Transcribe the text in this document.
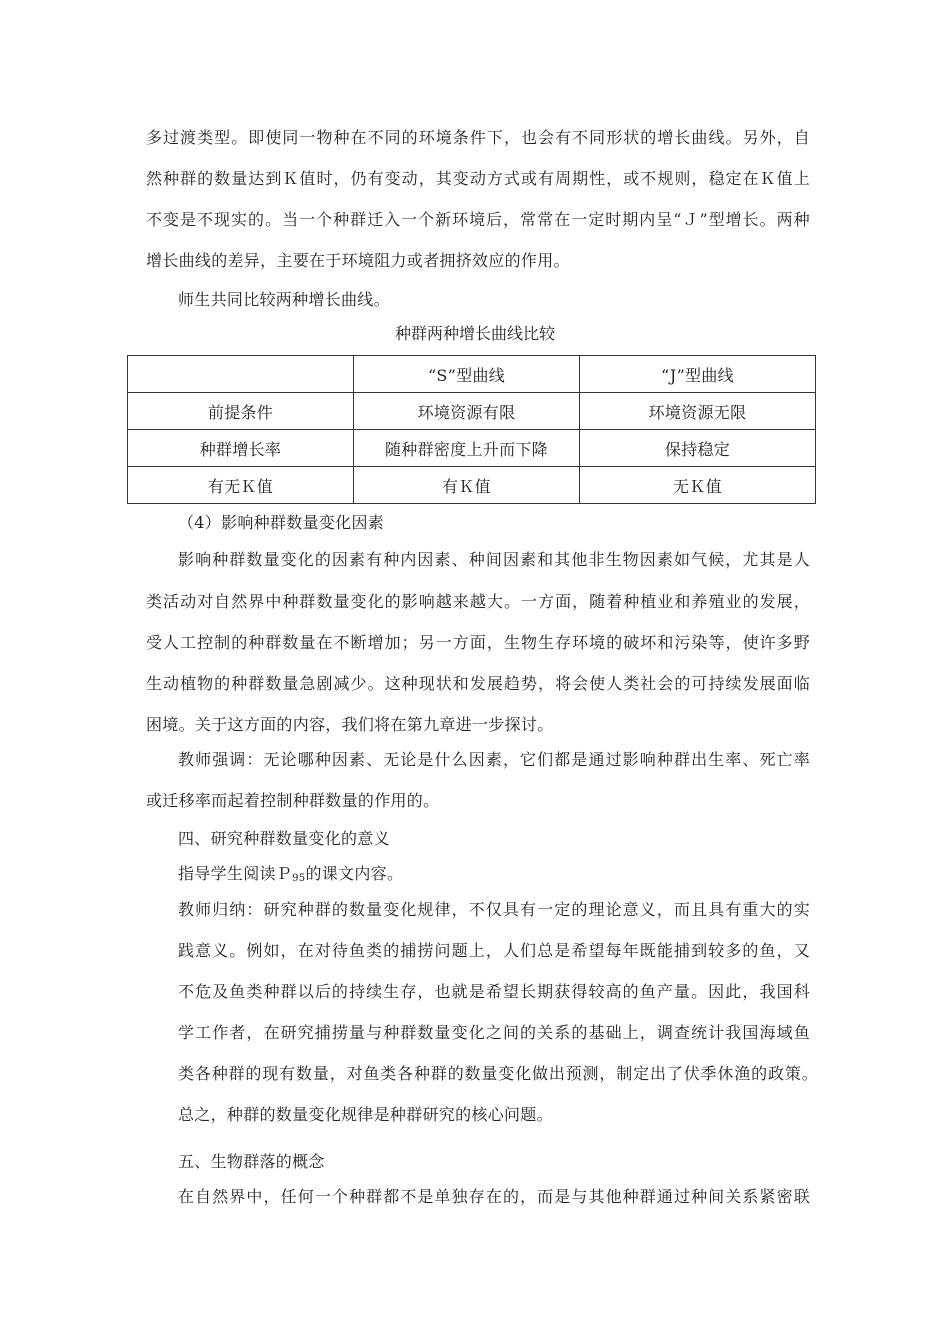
多过渡类型。即使同一物种在不同的环境条件下，也会有不同形状的增长曲线。另外，自
然种群的数量达到Ｋ值时，仍有变动，其变动方式或有周期性，或不规则，稳定在Ｋ值上
不变是不现实的。当一个种群迁入一个新环境后，常常在一定时期内呈“Ｊ”型增长。两种
增长曲线的差异，主要在于环境阻力或者拥挤效应的作用。
师生共同比较两种增长曲线。
种群两种增长曲线比较
	“S”型曲线	“J”型曲线
前提条件	环境资源有限	环境资源无限
种群增长率	随种群密度上升而下降	保持稳定
有无Ｋ值	有Ｋ值	无Ｋ值
（4）影响种群数量变化因素
影响种群数量变化的因素有种内因素、种间因素和其他非生物因素如气候，尤其是人
类活动对自然界中种群数量变化的影响越来越大。一方面，随着种植业和养殖业的发展，
受人工控制的种群数量在不断增加；另一方面，生物生存环境的破坏和污染等，使许多野
生动植物的种群数量急剧减少。这种现状和发展趋势，将会使人类社会的可持续发展面临
困境。关于这方面的内容，我们将在第九章进一步探讨。
教师强调：无论哪种因素、无论是什么因素，它们都是通过影响种群出生率、死亡率
或迁移率而起着控制种群数量的作用的。
四、研究种群数量变化的意义
指导学生阅读Ｐ$_{95}$的课文内容。
教师归纳：研究种群的数量变化规律，不仅具有一定的理论意义，而且具有重大的实
践意义。例如，在对待鱼类的捕捞问题上，人们总是希望每年既能捕到较多的鱼，又
不危及鱼类种群以后的持续生存，也就是希望长期获得较高的鱼产量。因此，我国科
学工作者，在研究捕捞量与种群数量变化之间的关系的基础上，调查统计我国海域鱼
类各种群的现有数量，对鱼类各种群的数量变化做出预测，制定出了伏季休渔的政策。
总之，种群的数量变化规律是种群研究的核心问题。
五、生物群落的概念
在自然界中，任何一个种群都不是单独存在的，而是与其他种群通过种间关系紧密联
